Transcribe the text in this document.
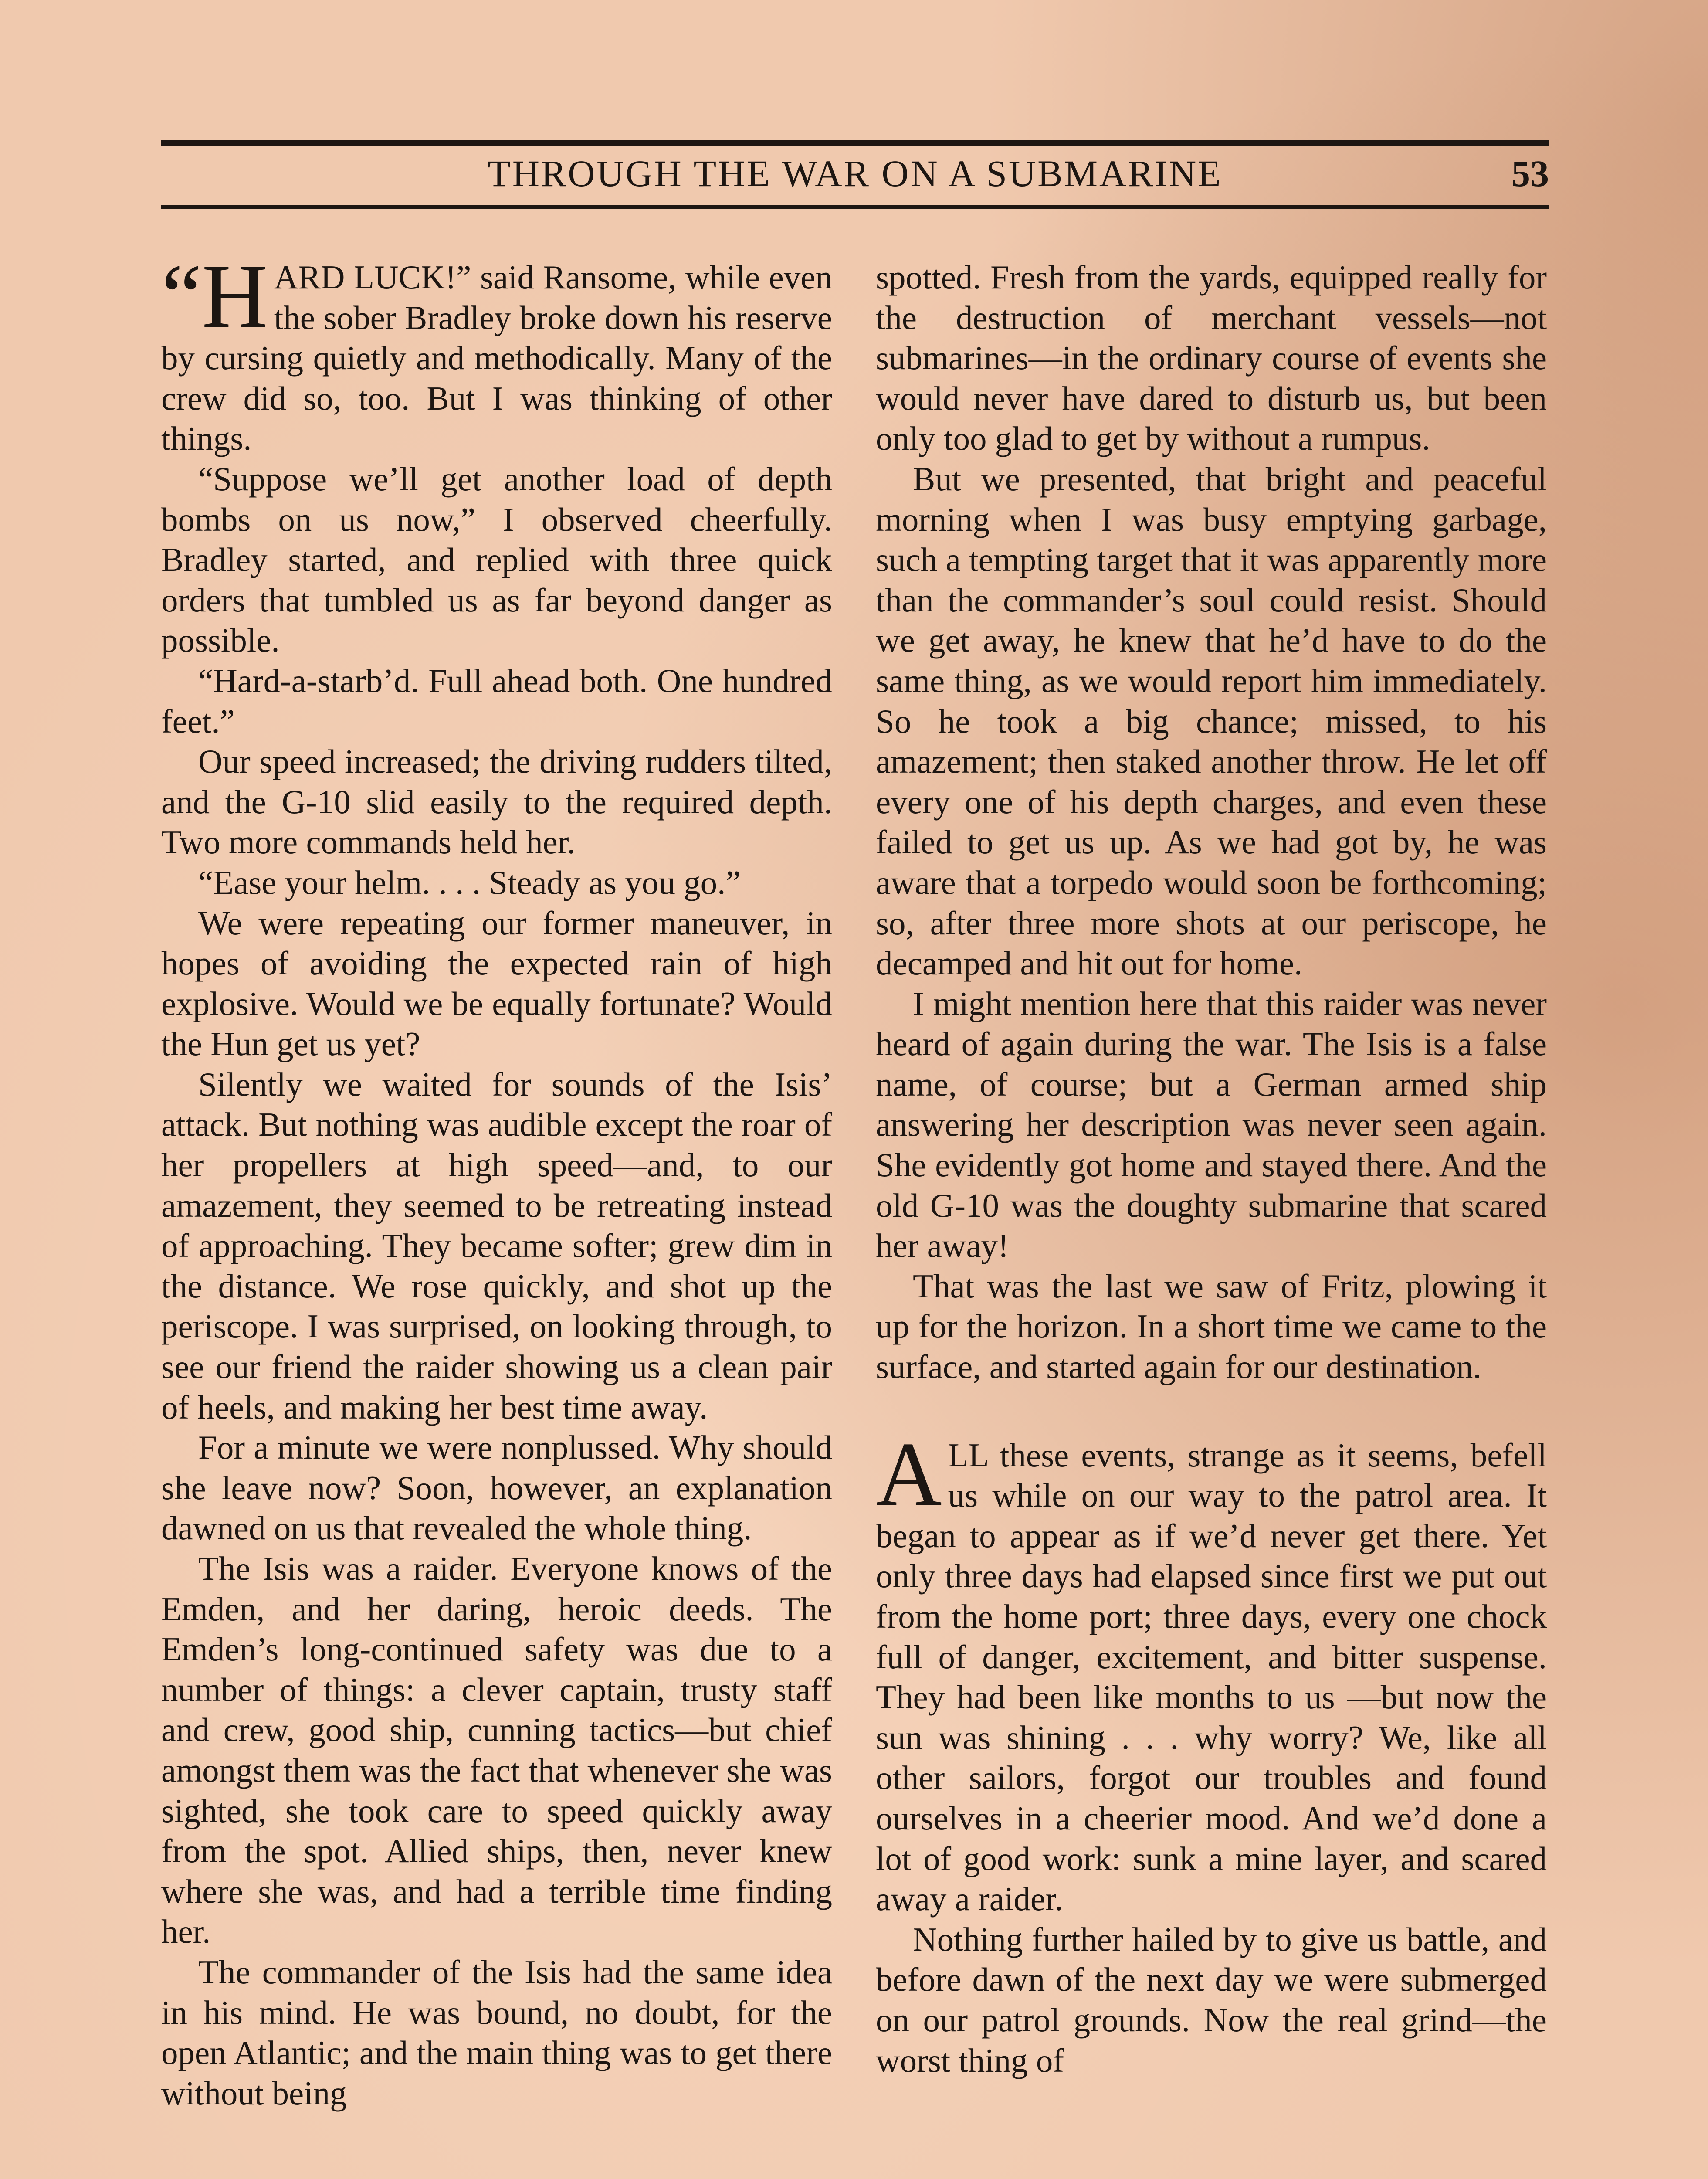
THROUGH THE WAR ON A SUBMARINE	53

“H ARD LUCK!” said Ransome, while even the sober Bradley broke down his reserve by cursing quietly and methodically. Many of the crew did so, too. But I was thinking of other things.

“Suppose we’ll get another load of depth bombs on us now,” I observed cheerfully. Bradley started, and replied with three quick orders that tumbled us as far beyond danger as possible.

“Hard-a-starb’d. Full ahead both. One hundred feet.”

Our speed increased; the driving rudders tilted, and the G-10 slid easily to the required depth. Two more commands held her.

“Ease your helm. . . . Steady as you go.”

We were repeating our former maneuver, in hopes of avoiding the expected rain of high explosive. Would we be equally fortunate? Would the Hun get us yet?

Silently we waited for sounds of the Isis’ attack. But nothing was audible except the roar of her propellers at high speed—and, to our amazement, they seemed to be retreating instead of approaching. They became softer; grew dim in the distance. We rose quickly, and shot up the periscope. I was surprised, on looking through, to see our friend the raider showing us a clean pair of heels, and making her best time away.

For a minute we were nonplussed. Why should she leave now? Soon, however, an explanation dawned on us that revealed the whole thing.

The Isis was a raider. Everyone knows of the Emden, and her daring, heroic deeds. The Emden’s long-continued safety was due to a number of things: a clever captain, trusty staff and crew, good ship, cunning tactics—but chief amongst them was the fact that whenever she was sighted, she took care to speed quickly away from the spot. Allied ships, then, never knew where she was, and had a terrible time finding her.

The commander of the Isis had the same idea in his mind. He was bound, no doubt, for the open Atlantic; and the main thing was to get there without being

spotted. Fresh from the yards, equipped really for the destruction of merchant vessels—not submarines—in the ordinary course of events she would never have dared to disturb us, but been only too glad to get by without a rumpus.

But we presented, that bright and peaceful morning when I was busy emptying garbage, such a tempting target that it was apparently more than the commander’s soul could resist. Should we get away, he knew that he’d have to do the same thing, as we would report him immediately. So he took a big chance; missed, to his amazement; then staked another throw. He let off every one of his depth charges, and even these failed to get us up. As we had got by, he was aware that a torpedo would soon be forthcoming; so, after three more shots at our periscope, he decamped and hit out for home.

I might mention here that this raider was never heard of again during the war. The Isis is a false name, of course; but a German armed ship answering her description was never seen again. She evidently got home and stayed there. And the old G-10 was the doughty submarine that scared her away!

That was the last we saw of Fritz, plowing it up for the horizon. In a short time we came to the surface, and started again for our destination.

ALL these events, strange as it seems, befell us while on our way to the patrol area. It began to appear as if we’d never get there. Yet only three days had elapsed since first we put out from the home port; three days, every one chock full of danger, excitement, and bitter suspense. They had been like months to us —but now the sun was shining . . . why worry? We, like all other sailors, forgot our troubles and found ourselves in a cheerier mood. And we’d done a lot of good work: sunk a mine layer, and scared away a raider.

Nothing further hailed by to give us battle, and before dawn of the next day we were submerged on our patrol grounds. Now the real grind—the worst thing of
